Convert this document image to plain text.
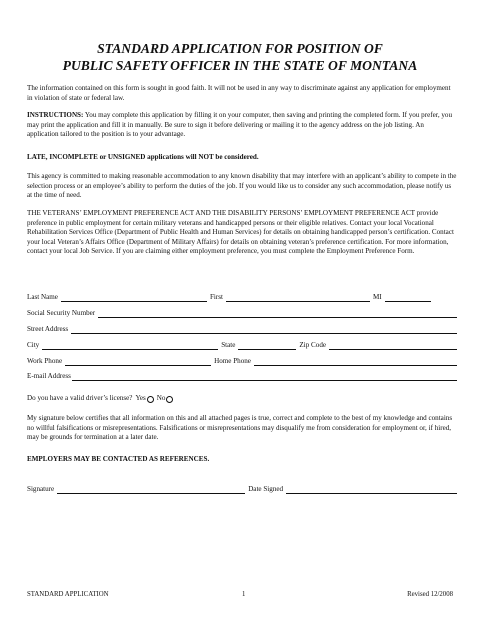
STANDARD APPLICATION FOR POSITION OF
PUBLIC SAFETY OFFICER IN THE STATE OF MONTANA

The information contained on this form is sought in good faith. It will not be used in any way to discriminate against any application for employment in violation of state or federal law.

INSTRUCTIONS: You may complete this application by filling it on your computer, then saving and printing the completed form. If you prefer, you may print the application and fill it in manually. Be sure to sign it before delivering or mailing it to the agency address on the job listing. An application tailored to the position is to your advantage.

LATE, INCOMPLETE or UNSIGNED applications will NOT be considered.

This agency is committed to making reasonable accommodation to any known disability that may interfere with an applicant’s ability to compete in the selection process or an employee’s ability to perform the duties of the job. If you would like us to consider any such accommodation, please notify us at the time of need.

THE VETERANS’ EMPLOYMENT PREFERENCE ACT AND THE DISABILITY PERSONS’ EMPLOYMENT PREFERENCE ACT provide preference in public employment for certain military veterans and handicapped persons or their eligible relatives. Contact your local Vocational Rehabilitation Services Office (Department of Public Health and Human Services) for details on obtaining handicapped person’s certification. Contact your local Veteran’s Affairs Office (Department of Military Affairs) for details on obtaining veteran’s preference certification. For more information, contact your local Job Service. If you are claiming either employment preference, you must complete the Employment Preference Form.

Last Name	First	MI
Social Security Number
Street Address
City	State	Zip Code
Work Phone	Home Phone
E-mail Address
Do you have a valid driver’s license? Yes No

My signature below certifies that all information on this and all attached pages is true, correct and complete to the best of my knowledge and contains no willful falsifications or misrepresentations. Falsifications or misrepresentations may disqualify me from consideration for employment or, if hired, may be grounds for termination at a later date.

EMPLOYERS MAY BE CONTACTED AS REFERENCES.

Signature	Date Signed
STANDARD APPLICATION	1	Revised 12/2008
